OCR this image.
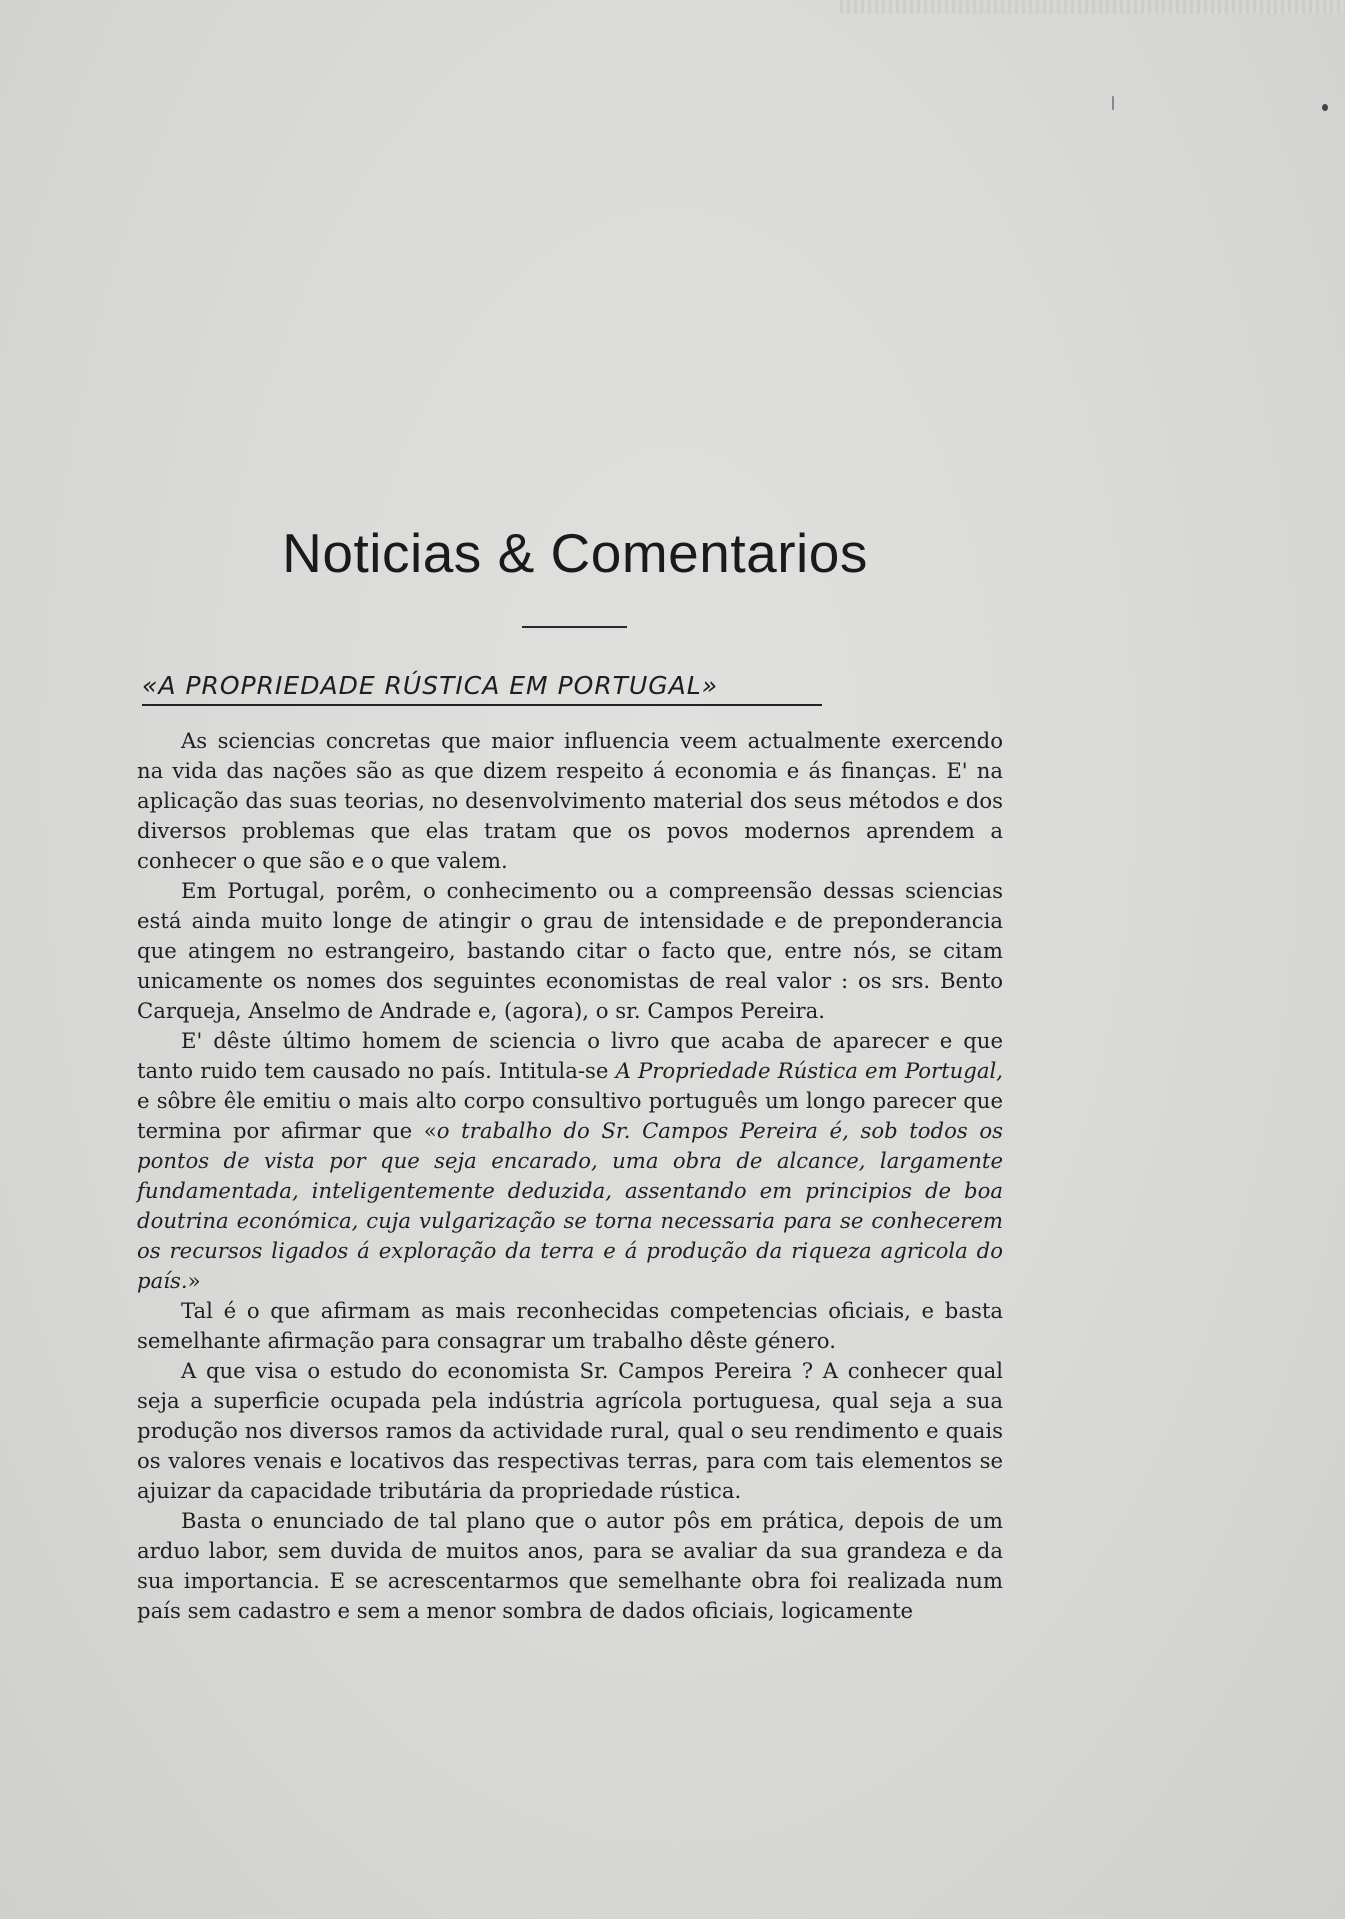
Noticias & Comentarios
«A PROPRIEDADE RÚSTICA EM PORTUGAL»

As sciencias concretas que maior influencia veem actualmente exercendo na vida das nações são as que dizem respeito á economia e ás finanças. E' na aplicação das suas teorias, no desenvolvimento material dos seus métodos e dos diversos problemas que elas tratam que os povos modernos aprendem a conhecer o que são e o que valem.

Em Portugal, porêm, o conhecimento ou a compreensão dessas sciencias está ainda muito longe de atingir o grau de intensidade e de preponderancia que atingem no estrangeiro, bastando citar o facto que, entre nós, se citam unicamente os nomes dos seguintes economistas de real valor : os srs. Bento Carqueja, Anselmo de Andrade e, (agora), o sr. Campos Pereira.

E' dêste último homem de sciencia o livro que acaba de aparecer e que tanto ruido tem causado no país. Intitula-se A Propriedade Rústica em Portugal, e sôbre êle emitiu o mais alto corpo consultivo português um longo parecer que termina por afirmar que «o trabalho do Sr. Campos Pereira é, sob todos os pontos de vista por que seja encarado, uma obra de alcance, largamente fundamentada, inteligentemente deduzida, assentando em principios de boa doutrina económica, cuja vulgarização se torna necessaria para se conhecerem os recursos ligados á exploração da terra e á produção da riqueza agricola do país.»

Tal é o que afirmam as mais reconhecidas competencias oficiais, e basta semelhante afirmação para consagrar um trabalho dêste género.

A que visa o estudo do economista Sr. Campos Pereira ? A conhecer qual seja a superficie ocupada pela indústria agrícola portuguesa, qual seja a sua produção nos diversos ramos da actividade rural, qual o seu rendimento e quais os valores venais e locativos das respectivas terras, para com tais elementos se ajuizar da capacidade tributária da propriedade rústica.

Basta o enunciado de tal plano que o autor pôs em prática, depois de um arduo labor, sem duvida de muitos anos, para se avaliar da sua grandeza e da sua importancia. E se acrescentarmos que semelhante obra foi realizada num país sem cadastro e sem a menor sombra de dados oficiais, logicamente
